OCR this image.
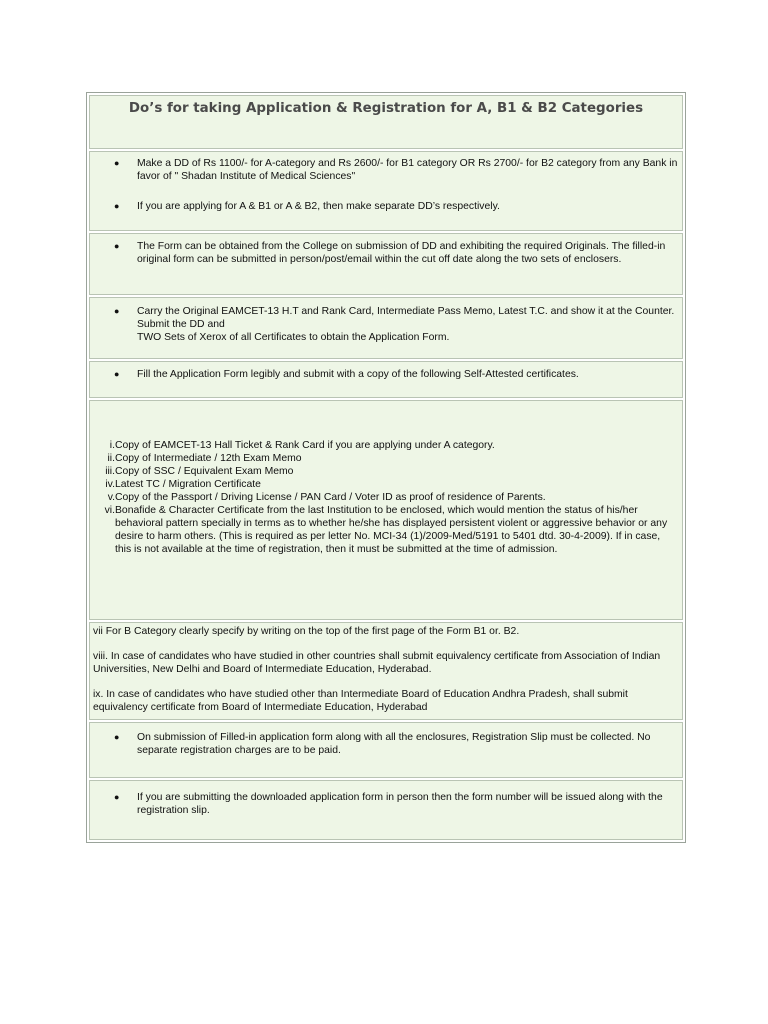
Do’s for taking Application & Registration for A, B1 & B2 Categories
● Make a DD of Rs 1100/- for A-category and Rs 2600/- for B1 category OR Rs 2700/- for B2 category from any Bank in favor of " Shadan Institute of Medical Sciences"
● If you are applying for A & B1 or A & B2, then make separate DD’s respectively.
● The Form can be obtained from the College on submission of DD and exhibiting the required Originals. The filled-in original form can be submitted in person/post/email within the cut off date along the two sets of enclosers.
● Carry the Original EAMCET-13 H.T and Rank Card, Intermediate Pass Memo, Latest T.C. and show it at the Counter. Submit the DD and
TWO Sets of Xerox of all Certificates to obtain the Application Form.
● Fill the Application Form legibly and submit with a copy of the following Self-Attested certificates.
i. Copy of EAMCET-13 Hall Ticket & Rank Card if you are applying under A category.
ii. Copy of Intermediate / 12th Exam Memo
iii. Copy of SSC / Equivalent Exam Memo
iv. Latest TC / Migration Certificate
v. Copy of the Passport / Driving License / PAN Card / Voter ID as proof of residence of Parents.
vi. Bonafide & Character Certificate from the last Institution to be enclosed, which would mention the status of his/her behavioral pattern specially in terms as to whether he/she has displayed persistent violent or aggressive behavior or any desire to harm others. (This is required as per letter No. MCI-34 (1)/2009-Med/5191 to 5401 dtd. 30-4-2009). If in case, this is not available at the time of registration, then it must be submitted at the time of admission.

vii For B Category clearly specify by writing on the top of the first page of the Form B1 or. B2.

viii. In case of candidates who have studied in other countries shall submit equivalency certificate from Association of Indian Universities, New Delhi and Board of Intermediate Education, Hyderabad.

ix. In case of candidates who have studied other than Intermediate Board of Education Andhra Pradesh, shall submit equivalency certificate from Board of Intermediate Education, Hyderabad

● On submission of Filled-in application form along with all the enclosures, Registration Slip must be collected. No separate registration charges are to be paid.
● If you are submitting the downloaded application form in person then the form number will be issued along with the registration slip.
